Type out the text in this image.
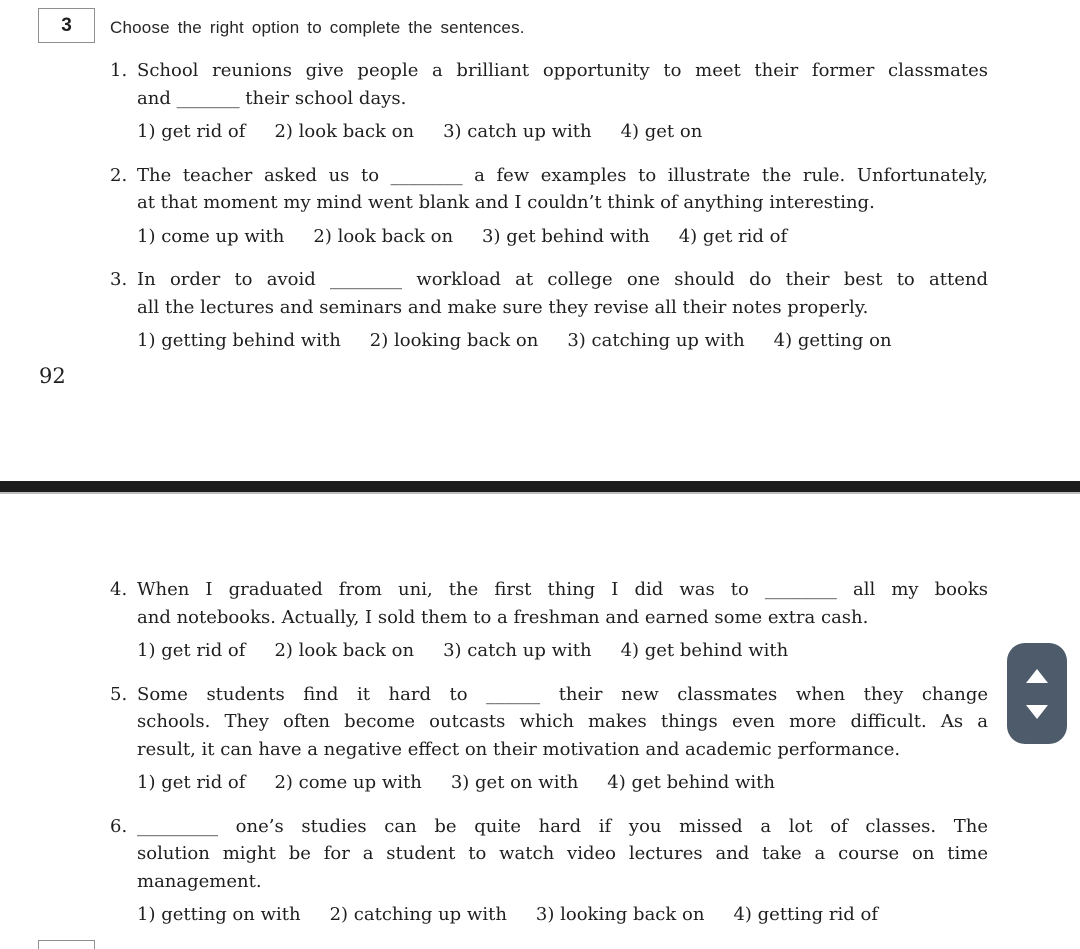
3 Choose the right option to complete the sentences.
1. School reunions give people a brilliant opportunity to meet their former classmates
and _______ their school days.
1) get rid of 2) look back on 3) catch up with 4) get on
2. The teacher asked us to ________ a few examples to illustrate the rule. Unfortunately,
at that moment my mind went blank and I couldn’t think of anything interesting.
1) come up with 2) look back on 3) get behind with 4) get rid of
3. In order to avoid ________ workload at college one should do their best to attend
all the lectures and seminars and make sure they revise all their notes properly.
1) getting behind with 2) looking back on 3) catching up with 4) getting on
92
4. When I graduated from uni, the first thing I did was to ________ all my books
and notebooks. Actually, I sold them to a freshman and earned some extra cash.
1) get rid of 2) look back on 3) catch up with 4) get behind with
5. Some students find it hard to ______ their new classmates when they change
schools. They often become outcasts which makes things even more difficult. As a
result, it can have a negative effect on their motivation and academic performance.
1) get rid of 2) come up with 3) get on with 4) get behind with
6. _________ one’s studies can be quite hard if you missed a lot of classes. The
solution might be for a student to watch video lectures and take a course on time
management.
1) getting on with 2) catching up with 3) looking back on 4) getting rid of
